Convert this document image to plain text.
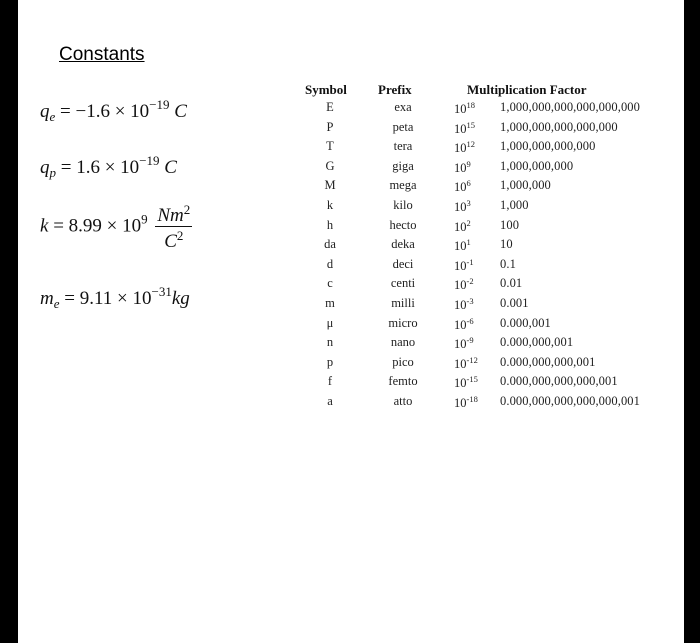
Constants
$q_e = -1.6 \times 10^{-19}$ C
$q_p = 1.6 \times 10^{-19}$ C
$k = 8.99 \times 10^9 \frac{Nm^2}{C^2}$
$m_e = 9.11 \times 10^{-31}kg$
Symbol Prefix	Multiplication Factor
E	exa	$10^{18}$ 1,000,000,000,000,000,000
P	peta	$10^{15}$ 1,000,000,000,000,000
T	tera	$10^{12}$ 1,000,000,000,000
G	giga	$10^9$ 1,000,000,000
M	mega	$10^6$ 1,000,000
k	kilo	$10^3$ 1,000
h	hecto	$10^2$ 100
da	deka	$10^1$ 10
d	deci	$10^{-1}$ 0.1
c	centi	$10^{-2}$ 0.01
m	milli	$10^{-3}$ 0.001
μ	micro	$10^{-6}$ 0.000,001
n	nano	$10^{-9}$ 0.000,000,001
p	pico	$10^{-12}$ 0.000,000,000,001
f	femto	$10^{-15}$ 0.000,000,000,000,001
a	atto	$10^{-18}$ 0.000,000,000,000,000,001
